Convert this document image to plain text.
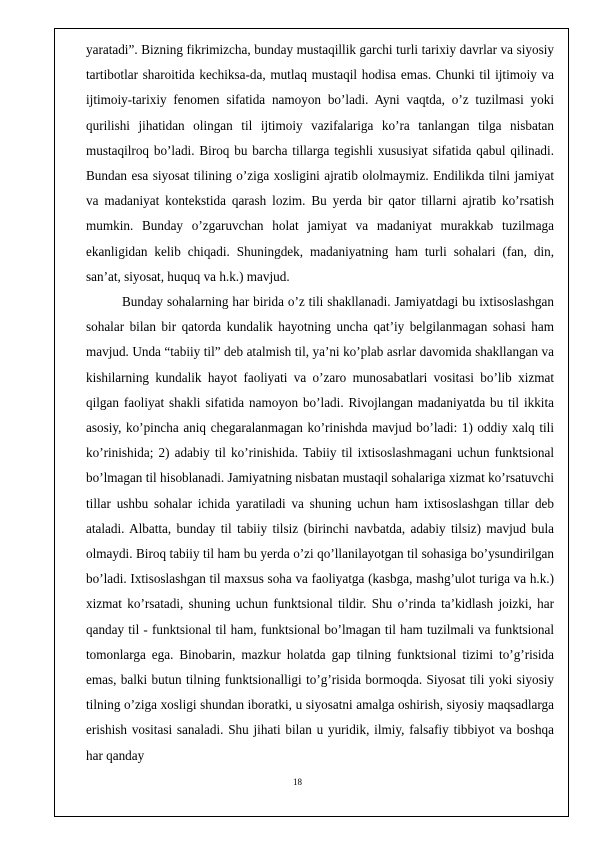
yaratadi”. Bizning fikrimizcha, bunday mustaqillik garchi turli tarixiy davrlar va siyosiy tartibotlar sharoitida kechiksa-da, mutlaq mustaqil hodisa emas. Chunki til ijtimoiy va ijtimoiy-tarixiy fenomen sifatida namoyon bo’ladi. Ayni vaqtda, o’z tuzilmasi yoki qurilishi jihatidan olingan til ijtimoiy vazifalariga ko’ra tanlangan tilga nisbatan mustaqilroq bo’ladi. Biroq bu barcha tillarga tegishli xususiyat sifatida qabul qilinadi. Bundan esa siyosat tilining o’ziga xosligini ajratib ololmaymiz. Endilikda tilni jamiyat va madaniyat kontekstida qarash lozim. Bu yerda bir qator tillarni ajratib ko’rsatish mumkin. Bunday o’zgaruvchan holat jamiyat va madaniyat murakkab tuzilmaga ekanligidan kelib chiqadi. Shuningdek, madaniyatning ham turli sohalari (fan, din, san’at, siyosat, huquq va h.k.) mavjud.

Bunday sohalarning har birida o’z tili shakllanadi. Jamiyatdagi bu ixtisoslashgan sohalar bilan bir qatorda kundalik hayotning uncha qat’iy belgilanmagan sohasi ham mavjud. Unda “tabiiy til” deb atalmish til, ya’ni ko’plab asrlar davomida shakllangan va kishilarning kundalik hayot faoliyati va o’zaro munosabatlari vositasi bo’lib xizmat qilgan faoliyat shakli sifatida namoyon bo’ladi. Rivojlangan madaniyatda bu til ikkita asosiy, ko’pincha aniq chegaralanmagan ko’rinishda mavjud bo’ladi: 1) oddiy xalq tili ko’rinishida; 2) adabiy til ko’rinishida. Tabiiy til ixtisoslashmagani uchun funktsional bo’lmagan til hisoblanadi. Jamiyatning nisbatan mustaqil sohalariga xizmat ko’rsatuvchi tillar ushbu sohalar ichida yaratiladi va shuning uchun ham ixtisoslashgan tillar deb ataladi. Albatta, bunday til tabiiy tilsiz (birinchi navbatda, adabiy tilsiz) mavjud bula olmaydi. Biroq tabiiy til ham bu yerda o’zi qo’llanilayotgan til sohasiga bo’ysundirilgan bo’ladi. Ixtisoslashgan til maxsus soha va faoliyatga (kasbga, mashg’ulot turiga va h.k.) xizmat ko’rsatadi, shuning uchun funktsional tildir. Shu o’rinda ta’kidlash joizki, har qanday til - funktsional til ham, funktsional bo’lmagan til ham tuzilmali va funktsional tomonlarga ega. Binobarin, mazkur holatda gap tilning funktsional tizimi to’g’risida emas, balki butun tilning funktsionalligi to’g’risida bormoqda. Siyosat tili yoki siyosiy tilning o’ziga xosligi shundan iboratki, u siyosatni amalga oshirish, siyosiy maqsadlarga erishish vositasi sanaladi. Shu jihati bilan u yuridik, ilmiy, falsafiy tibbiyot va boshqa har qanday

18
